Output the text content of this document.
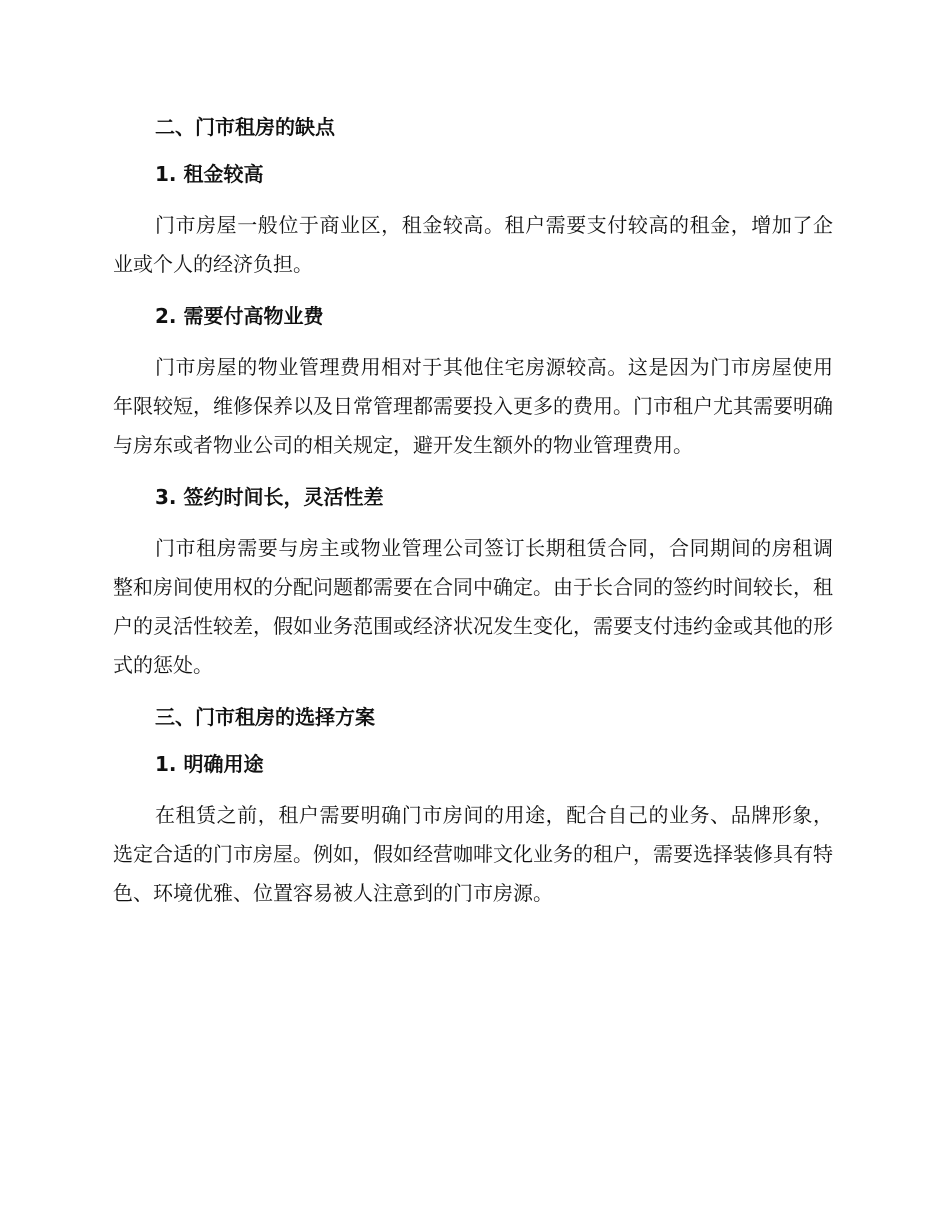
二、门市租房的缺点
1. 租金较高

门市房屋一般位于商业区，租金较高。租户需要支付较高的租金，增加了企业或个人的经济负担。

2. 需要付高物业费

门市房屋的物业管理费用相对于其他住宅房源较高。这是因为门市房屋使用年限较短，维修保养以及日常管理都需要投入更多的费用。门市租户尤其需要明确与房东或者物业公司的相关规定，避开发生额外的物业管理费用。

3. 签约时间长，灵活性差

门市租房需要与房主或物业管理公司签订长期租赁合同，合同期间的房租调整和房间使用权的分配问题都需要在合同中确定。由于长合同的签约时间较长，租户的灵活性较差，假如业务范围或经济状况发生变化，需要支付违约金或其他的形式的惩处。

三、门市租房的选择方案
1. 明确用途

在租赁之前，租户需要明确门市房间的用途，配合自己的业务、品牌形象，选定合适的门市房屋。例如，假如经营咖啡文化业务的租户，需要选择装修具有特色、环境优雅、位置容易被人注意到的门市房源。
